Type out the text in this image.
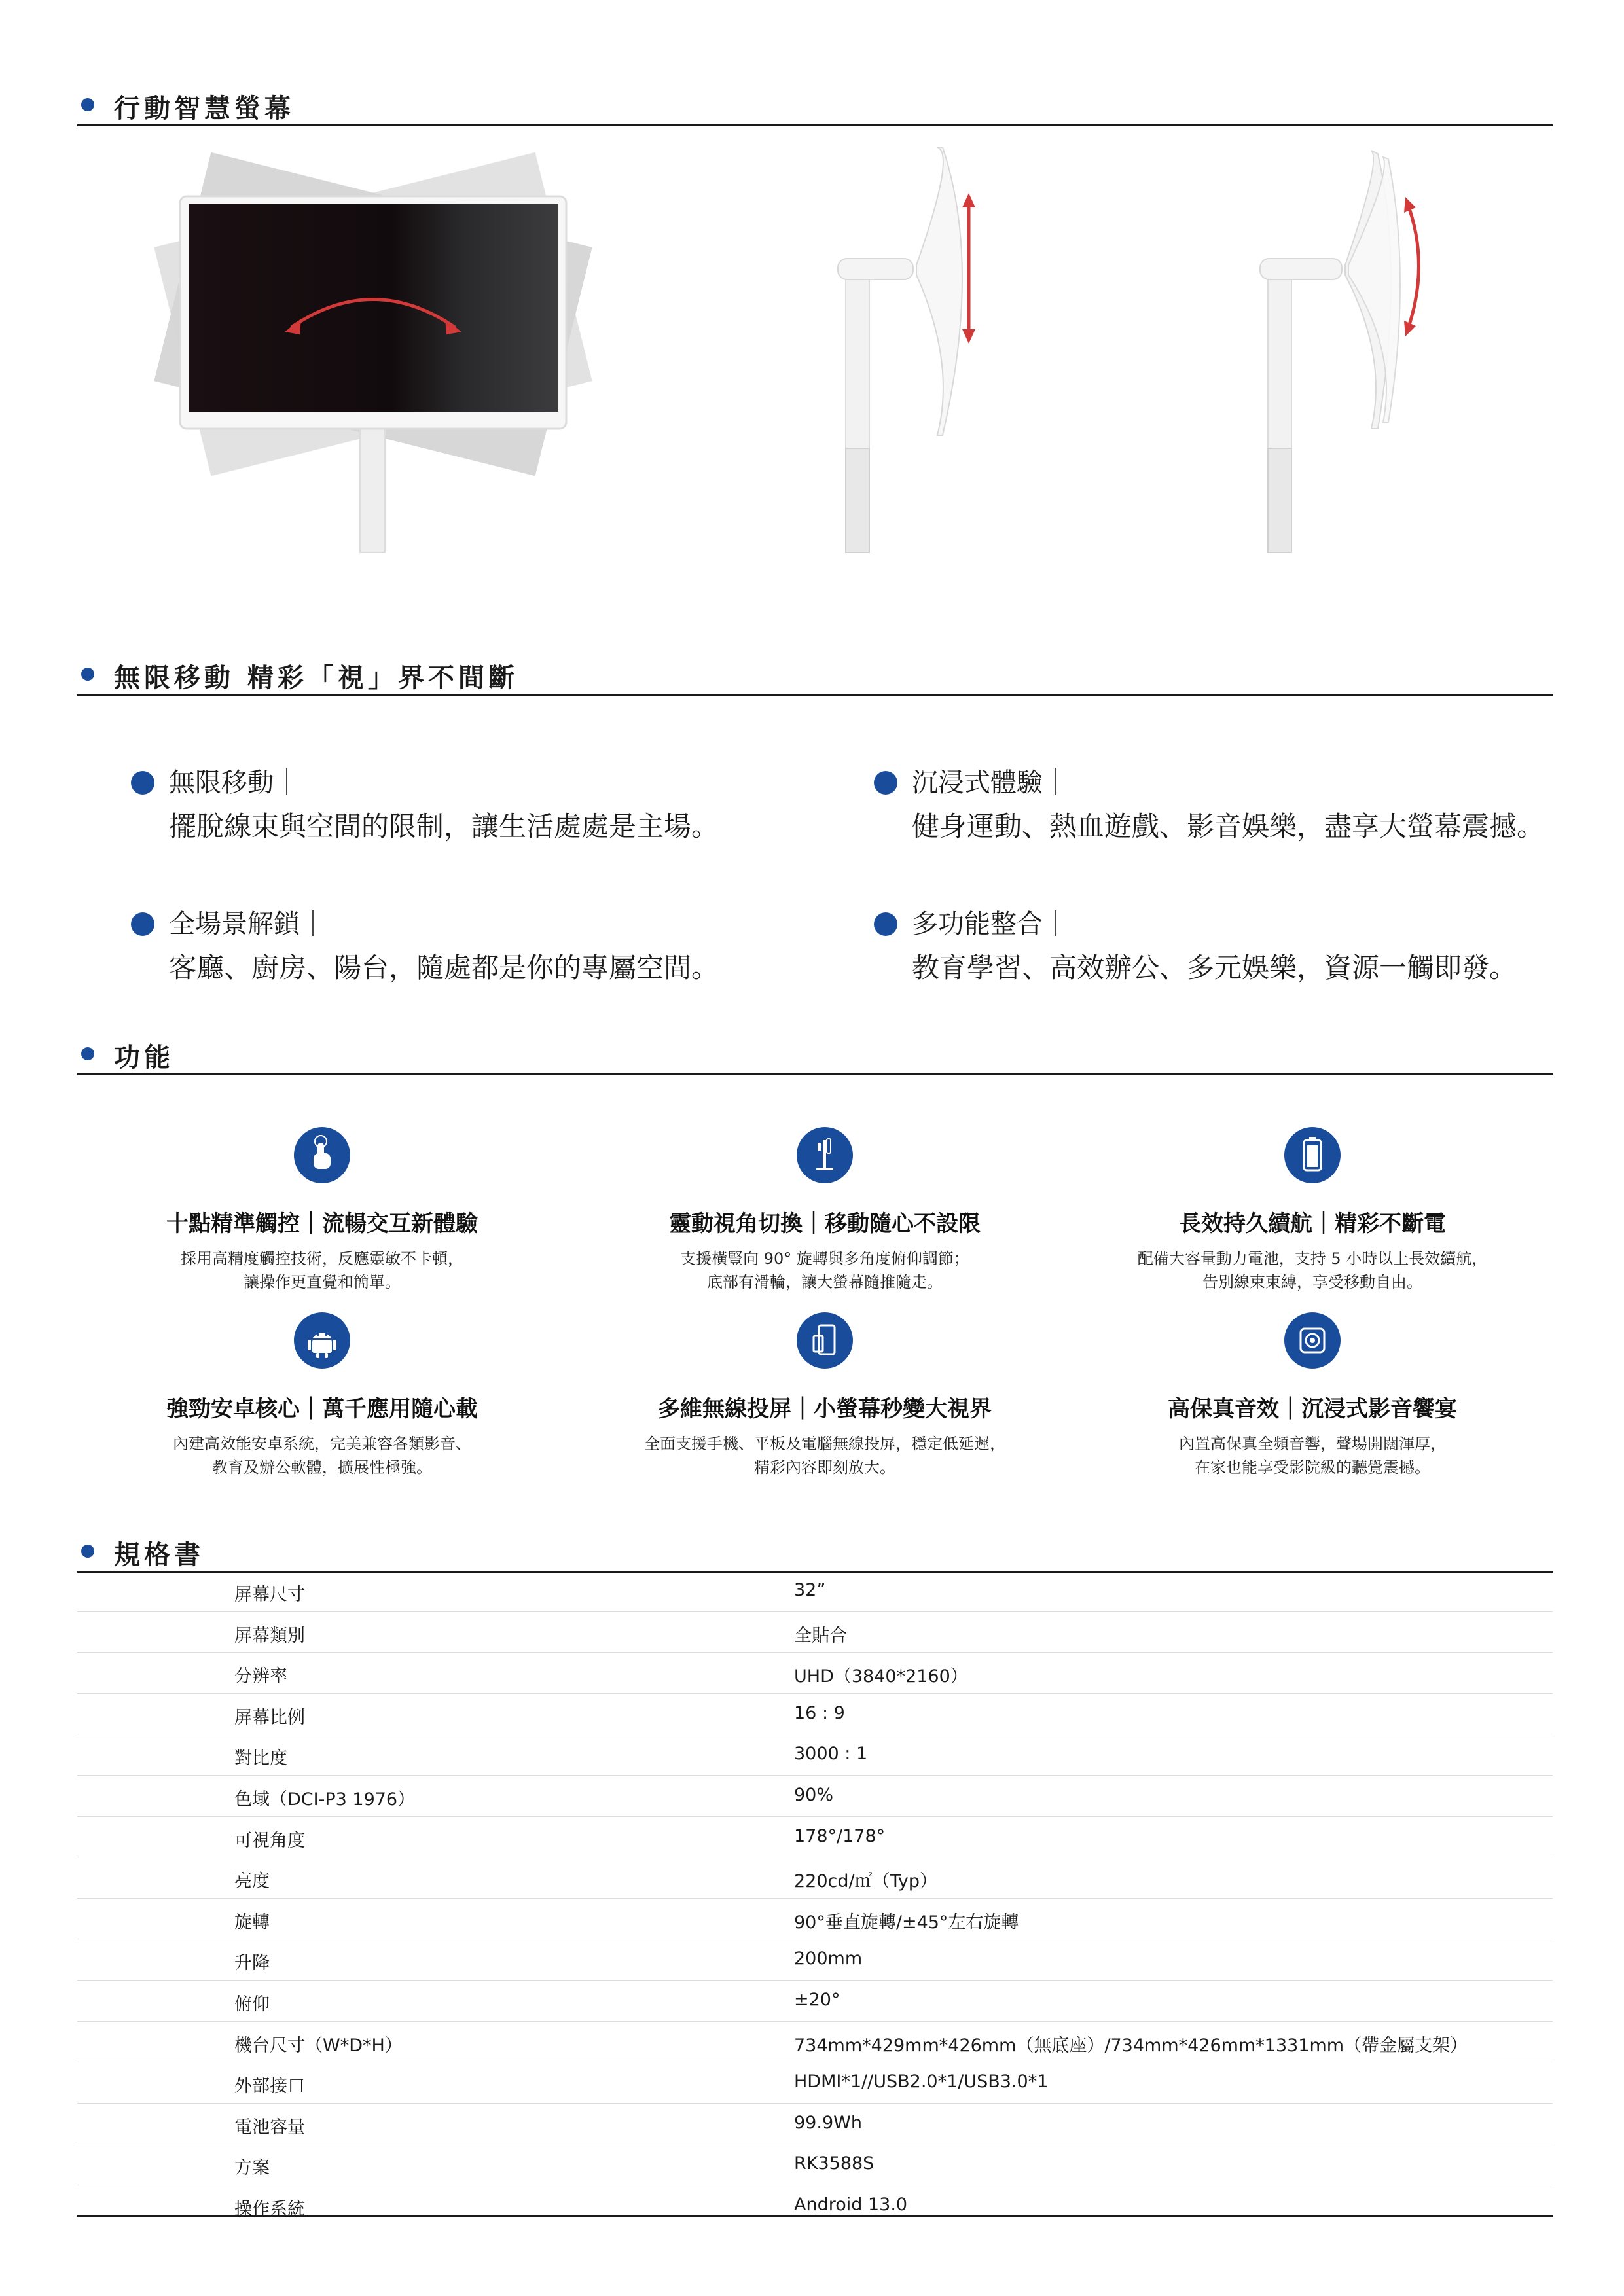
行動智慧螢幕
無限移動 精彩「視」界不間斷
無限移動｜
擺脫線束與空間的限制，讓生活處處是主場。
沉浸式體驗｜
健身運動、熱血遊戲、影音娛樂，盡享大螢幕震撼。
全場景解鎖｜
客廳、廚房、陽台，隨處都是你的專屬空間。
多功能整合｜
教育學習、高效辦公、多元娛樂，資源一觸即發。
功能
十點精準觸控｜流暢交互新體驗
採用高精度觸控技術，反應靈敏不卡頓，
讓操作更直覺和簡單。
靈動視角切換｜移動隨心不設限
支援橫豎向 90° 旋轉與多角度俯仰調節；
底部有滑輪，讓大螢幕隨推隨走。
長效持久續航｜精彩不斷電
配備大容量動力電池，支持 5 小時以上長效續航，
告別線束束縛，享受移動自由。
強勁安卓核心｜萬千應用隨心載
內建高效能安卓系統，完美兼容各類影音、
教育及辦公軟體，擴展性極強。
多維無線投屏｜小螢幕秒變大視界
全面支援手機、平板及電腦無線投屏，穩定低延遲，
精彩內容即刻放大。
高保真音效｜沉浸式影音饗宴
內置高保真全頻音響，聲場開闊渾厚，
在家也能享受影院級的聽覺震撼。
規格書
屏幕尺寸	32”
屏幕類別	全貼合
分辨率	UHD（3840*2160）
屏幕比例	16 : 9
對比度	3000 : 1
色域（DCI-P3 1976）	90%
可視角度	178°/178°
亮度	220cd/㎡（Typ）
旋轉	90°垂直旋轉/±45°左右旋轉
升降	200mm
俯仰	±20°
機台尺寸（W*D*H）	734mm*429mm*426mm（無底座）/734mm*426mm*1331mm（帶金屬支架）
外部接口	HDMI*1//USB2.0*1/USB3.0*1
電池容量	99.9Wh
方案	RK3588S
操作系統	Android 13.0
